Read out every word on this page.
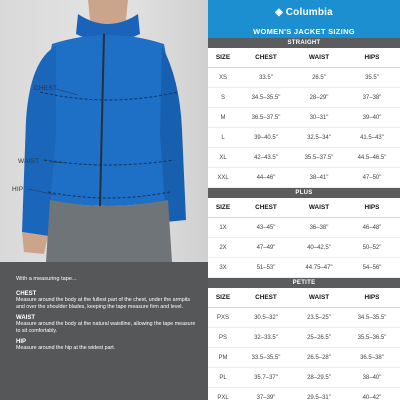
CHEST
WAIST
HIP
With a measuring tape...
CHEST
Measure around the body at the fullest part of the chest, under the armpits and over the shoulder blades, keeping the tape measure firm and level.
WAIST
Measure around the body at the natural waistline, allowing the tape measure to sit comfortably.
HIP
Measure around the hip at the widest part.
◈ Columbia
WOMEN'S JACKET SIZING
STRAIGHT
SIZE	CHEST	WAIST	HIPS
XS	33.5"	26.5"	35.5"
S	34.5–35.5"	28–29"	37–38"
M	36.5–37.5"	30–31"	39–40"
L	39–40.5"	32.5–34"	41.5–43"
XL	42–43.5"	35.5–37.5"	44.5–46.5"
XXL	44–46"	38–41"	47–50"
PLUS
SIZE	CHEST	WAIST	HIPS
1X	43–45"	36–38"	46–48"
2X	47–49"	40–42.5"	50–52"
3X	51–53"	44.75–47"	54–56"
PETITE
SIZE	CHEST	WAIST	HIPS
PXS	30.5–32"	23.5–25"	34.5–35.5"
PS	32–33.5"	25–26.5"	35.5–36.5"
PM	33.5–35.5"	26.5–28"	36.5–38"
PL	35.7–37"	28–29.5"	38–40"
PXL	37–39"	29.5–31"	40–42"
